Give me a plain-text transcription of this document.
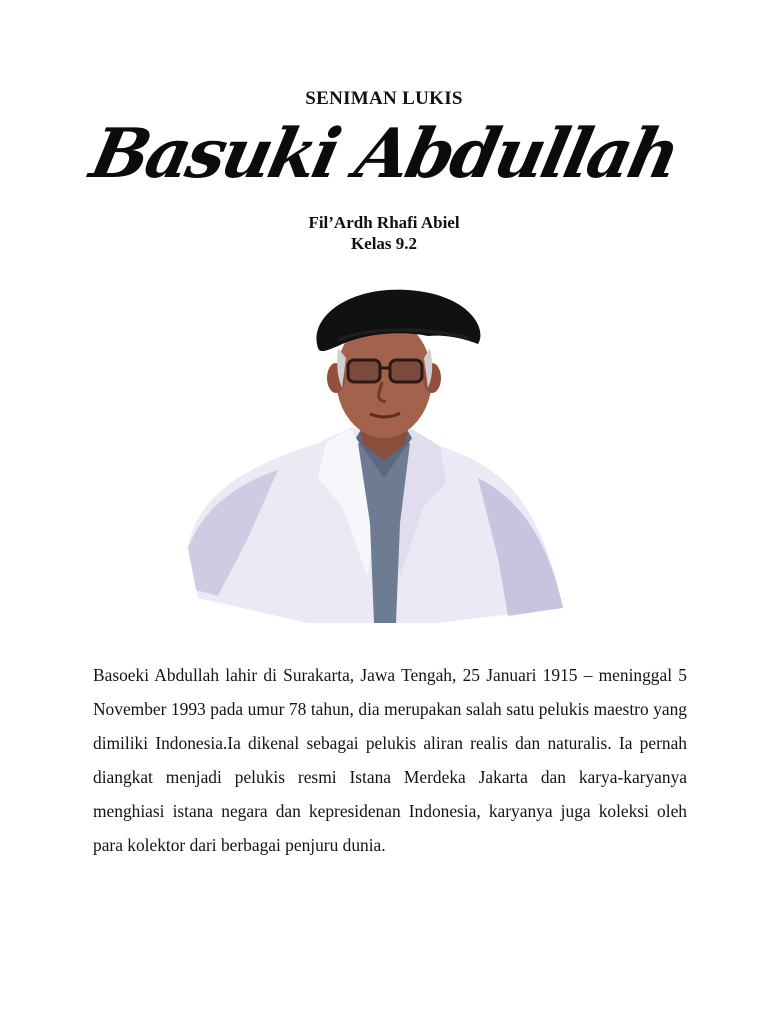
SENIMAN LUKIS
Basuki Abdullah
Fil’Ardh Rhafi Abiel
Kelas 9.2

Basoeki Abdullah lahir di Surakarta, Jawa Tengah, 25 Januari 1915 – meninggal 5 November 1993 pada umur 78 tahun, dia merupakan salah satu pelukis maestro yang dimiliki Indonesia.Ia dikenal sebagai pelukis aliran realis dan naturalis. Ia pernah diangkat menjadi pelukis resmi Istana Merdeka Jakarta dan karya-karyanya menghiasi istana negara dan kepresidenan Indonesia, karyanya juga koleksi oleh para kolektor dari berbagai penjuru dunia.
